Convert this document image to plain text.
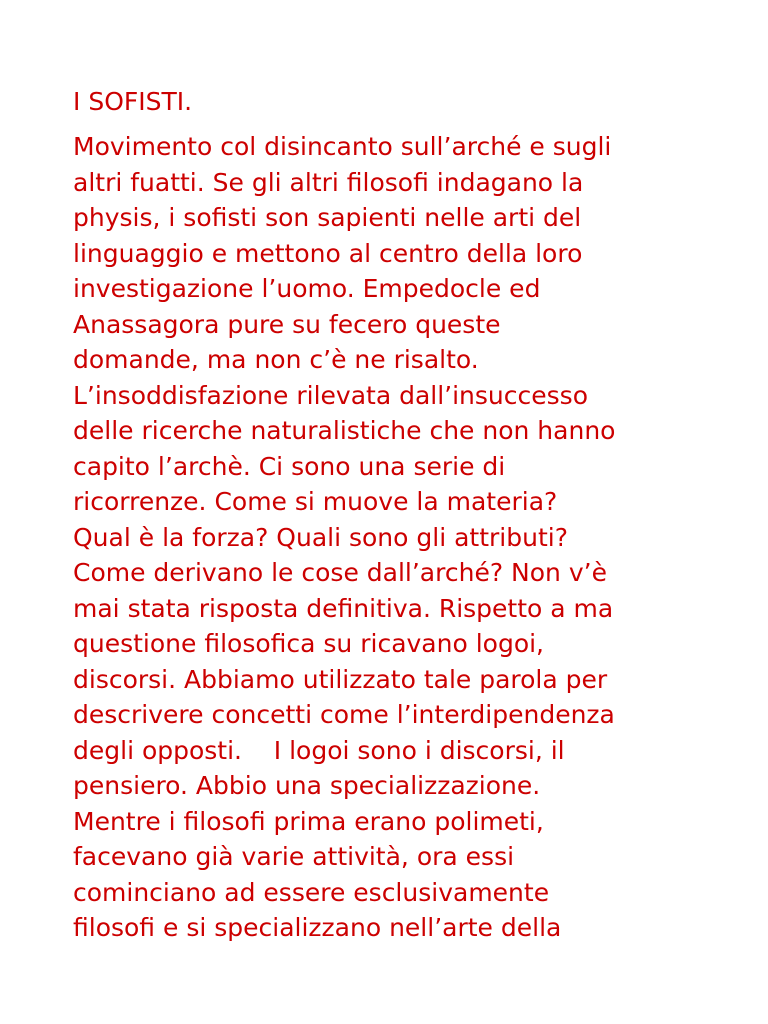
I SOFISTI.
Movimento col disincanto sull’arché e sugli
altri fuatti. Se gli altri filosofi indagano la
physis, i sofisti son sapienti nelle arti del
linguaggio e mettono al centro della loro
investigazione l’uomo. Empedocle ed
Anassagora pure su fecero queste
domande, ma non c’è ne risalto.
L’insoddisfazione rilevata dall’insuccesso
delle ricerche naturalistiche che non hanno
capito l’archè. Ci sono una serie di
ricorrenze. Come si muove la materia?
Qual è la forza? Quali sono gli attributi?
Come derivano le cose dall’arché? Non v’è
mai stata risposta definitiva. Rispetto a ma
questione filosofica su ricavano logoi,
discorsi. Abbiamo utilizzato tale parola per
descrivere concetti come l’interdipendenza
degli opposti.    I logoi sono i discorsi, il
pensiero. Abbio una specializzazione.
Mentre i filosofi prima erano polimeti,
facevano già varie attività, ora essi
cominciano ad essere esclusivamente
filosofi e si specializzano nell’arte della
